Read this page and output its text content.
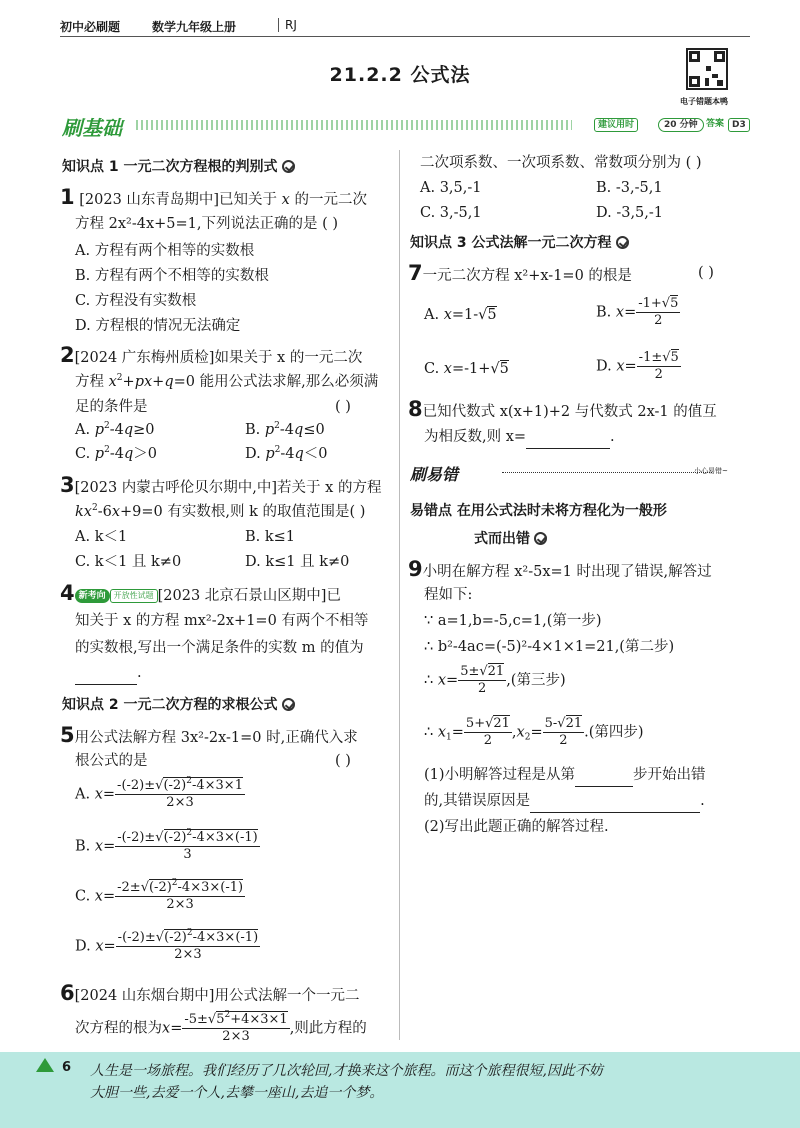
初中必刷题	数学九年级上册	RJ
21.2.2 公式法
电子错题本鸭
刷基础	建议用时	20 分钟 答案 D3
知识点 1 一元二次方程根的判别式
1 [2023 山东青岛期中]已知关于 x 的一元二次
方程 2x²-4x+5=1,下列说法正确的是 ( )
A. 方程有两个相等的实数根
B. 方程有两个不相等的实数根
C. 方程没有实数根
D. 方程根的情况无法确定
2[2024 广东梅州质检]如果关于 x 的一元二次
方程 $x^2+px+q=0$ 能用公式法求解,那么必须满
足的条件是	( )
A. $p^2-4q\ge 0$	B. $p^2-4q\le 0$
C. $p^2-4q>0$	D. $p^2-4q<0$
3[2023 内蒙古呼伦贝尔期中,中]若关于 x 的方程
$kx^2-6x+9=0$ 有实数根,则 k 的取值范围是( )
A. k＜1	B. k≤1
C. k＜1 且 k≠0	D. k≤1 且 k≠0
4 新考向 开放性试题 [2023 北京石景山区期中]已
知关于 x 的方程 mx²-2x+1=0 有两个不相等
的实数根,写出一个满足条件的实数 m 的值为
.
知识点 2 一元二次方程的求根公式
5用公式法解方程 3x²-2x-1=0 时,正确代入求
根公式的是	( )
A. $x= \frac{-(-2)\pm√(-2)^2-4\times 3\times 1}{2\times 3}$
B. $x= \frac{-(-2)\pm√(-2)^2-4\times 3\times(-1)}{3}$
C. $x= \frac{-2\pm√(-2)^2-4\times 3\times(-1)}{2\times 3}$
D. $x= \frac{-(-2)\pm√(-2)^2-4\times 3\times(-1)}{2\times 3}$
6[2024 山东烟台期中]用公式法解一个一元二
次方程的根为$x= \frac{-5\pm√5^2+4\times 3\times 1}{2\times 3}$ ,则此方程的
二次项系数、一次项系数、常数项分别为 ( )
A. 3,5,-1	B. -3,-5,1
C. 3,-5,1	D. -3,5,-1
知识点 3 公式法解一元二次方程
7一元二次方程 x²+x-1=0 的根是	( )
A. x=1-√5	B. $x= \frac{-1+√5}{2}$
C. x=-1+√5	D. $x= \frac{-1\pm√5}{2}$
8已知代数式 x(x+1)+2 与代数式 2x-1 的值互
为相反数,则 x=	.
刷易错	小心易错~
易错点 在用公式法时未将方程化为一般形
式而出错
9小明在解方程 x²-5x=1 时出现了错误,解答过
程如下:
∵ a=1,b=-5,c=1,(第一步)
∴ b²-4ac=(-5)²-4×1×1=21,(第二步)
∴ $x= \frac{5\pm√21}{2}$ ,(第三步)
∴ $x_1= \frac{5+√21}{2} ,x_2= \frac{5-√21}{2}$ .(第四步)
(1)小明解答过程是从第	步开始出错
的,其错误原因是	.
(2)写出此题正确的解答过程.
6 人生是一场旅程。我们经历了几次轮回,才换来这个旅程。而这个旅程很短,因此不妨
大胆一些,去爱一个人,去攀一座山,去追一个梦。
